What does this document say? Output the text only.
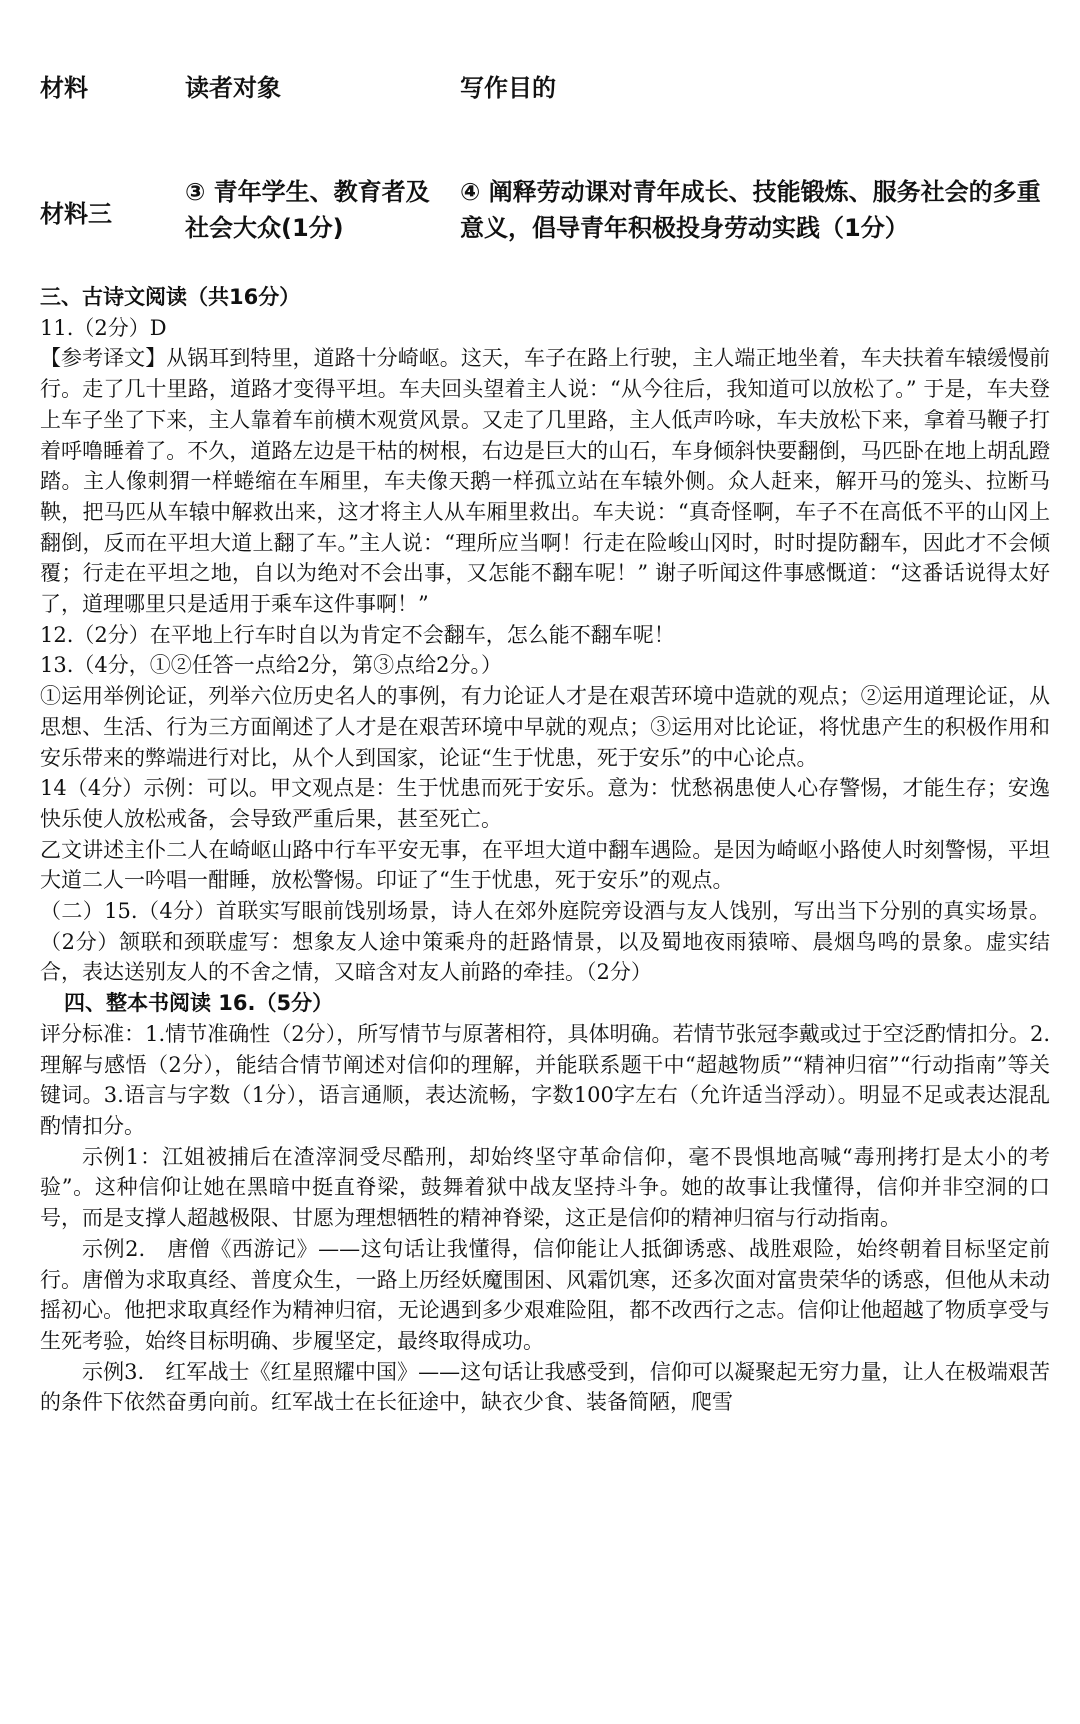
材料	读者对象	写作目的
材料三
③ 青年学生、教育者及社会大众(1分)
④ 阐释劳动课对青年成长、技能锻炼、服务社会的多重意义，倡导青年积极投身劳动实践（1分）

三、古诗文阅读（共16分）

11.（2分）D

【参考译文】从锅耳到特里，道路十分崎岖。这天，车子在路上行驶，主人端正地坐着，车夫扶着车辕缓慢前行。走了几十里路，道路才变得平坦。车夫回头望着主人说：“从今往后，我知道可以放松了。” 于是，车夫登上车子坐了下来，主人靠着车前横木观赏风景。又走了几里路，主人低声吟咏，车夫放松下来，拿着马鞭子打着呼噜睡着了。不久，道路左边是干枯的树根，右边是巨大的山石，车身倾斜快要翻倒，马匹卧在地上胡乱蹬踏。主人像刺猬一样蜷缩在车厢里，车夫像天鹅一样孤立站在车辕外侧。众人赶来，解开马的笼头、拉断马鞅，把马匹从车辕中解救出来，这才将主人从车厢里救出。车夫说：“真奇怪啊，车子不在高低不平的山冈上翻倒，反而在平坦大道上翻了车。”主人说：“理所应当啊！行走在险峻山冈时，时时提防翻车，因此才不会倾覆；行走在平坦之地，自以为绝对不会出事，又怎能不翻车呢！” 谢子听闻这件事感慨道：“这番话说得太好了，道理哪里只是适用于乘车这件事啊！”

12.（2分）在平地上行车时自以为肯定不会翻车，怎么能不翻车呢！

13.（4分，①②任答一点给2分，第③点给2分。）

①运用举例论证，列举六位历史名人的事例，有力论证人才是在艰苦环境中造就的观点；②运用道理论证，从思想、生活、行为三方面阐述了人才是在艰苦环境中早就的观点；③运用对比论证，将忧患产生的积极作用和安乐带来的弊端进行对比，从个人到国家，论证“生于忧患，死于安乐”的中心论点。

14（4分）示例：可以。甲文观点是：生于忧患而死于安乐。意为：忧愁祸患使人心存警惕，才能生存；安逸快乐使人放松戒备，会导致严重后果，甚至死亡。

乙文讲述主仆二人在崎岖山路中行车平安无事，在平坦大道中翻车遇险。是因为崎岖小路使人时刻警惕，平坦大道二人一吟唱一酣睡，放松警惕。印证了“生于忧患，死于安乐”的观点。

（二）15.（4分）首联实写眼前饯别场景，诗人在郊外庭院旁设酒与友人饯别，写出当下分别的真实场景。（2分）颔联和颈联虚写：想象友人途中策乘舟的赶路情景，以及蜀地夜雨猿啼、晨烟鸟鸣的景象。虚实结合，表达送别友人的不舍之情，又暗含对友人前路的牵挂。（2分）

四、整本书阅读 16.（5分）

评分标准：1.情节准确性（2分），所写情节与原著相符，具体明确。若情节张冠李戴或过于空泛酌情扣分。2.理解与感悟（2分），能结合情节阐述对信仰的理解，并能联系题干中“超越物质”“精神归宿”“行动指南”等关键词。3.语言与字数（1分），语言通顺，表达流畅，字数100字左右（允许适当浮动）。明显不足或表达混乱酌情扣分。

示例1：江姐被捕后在渣滓洞受尽酷刑，却始终坚守革命信仰，毫不畏惧地高喊“毒刑拷打是太小的考验”。这种信仰让她在黑暗中挺直脊梁，鼓舞着狱中战友坚持斗争。她的故事让我懂得，信仰并非空洞的口号，而是支撑人超越极限、甘愿为理想牺牲的精神脊梁，这正是信仰的精神归宿与行动指南。

示例2.　唐僧《西游记》——这句话让我懂得，信仰能让人抵御诱惑、战胜艰险，始终朝着目标坚定前行。唐僧为求取真经、普度众生，一路上历经妖魔围困、风霜饥寒，还多次面对富贵荣华的诱惑，但他从未动摇初心。他把求取真经作为精神归宿，无论遇到多少艰难险阻，都不改西行之志。信仰让他超越了物质享受与生死考验，始终目标明确、步履坚定，最终取得成功。

示例3.　红军战士《红星照耀中国》——这句话让我感受到，信仰可以凝聚起无穷力量，让人在极端艰苦的条件下依然奋勇向前。红军战士在长征途中，缺衣少食、装备简陋，爬雪
